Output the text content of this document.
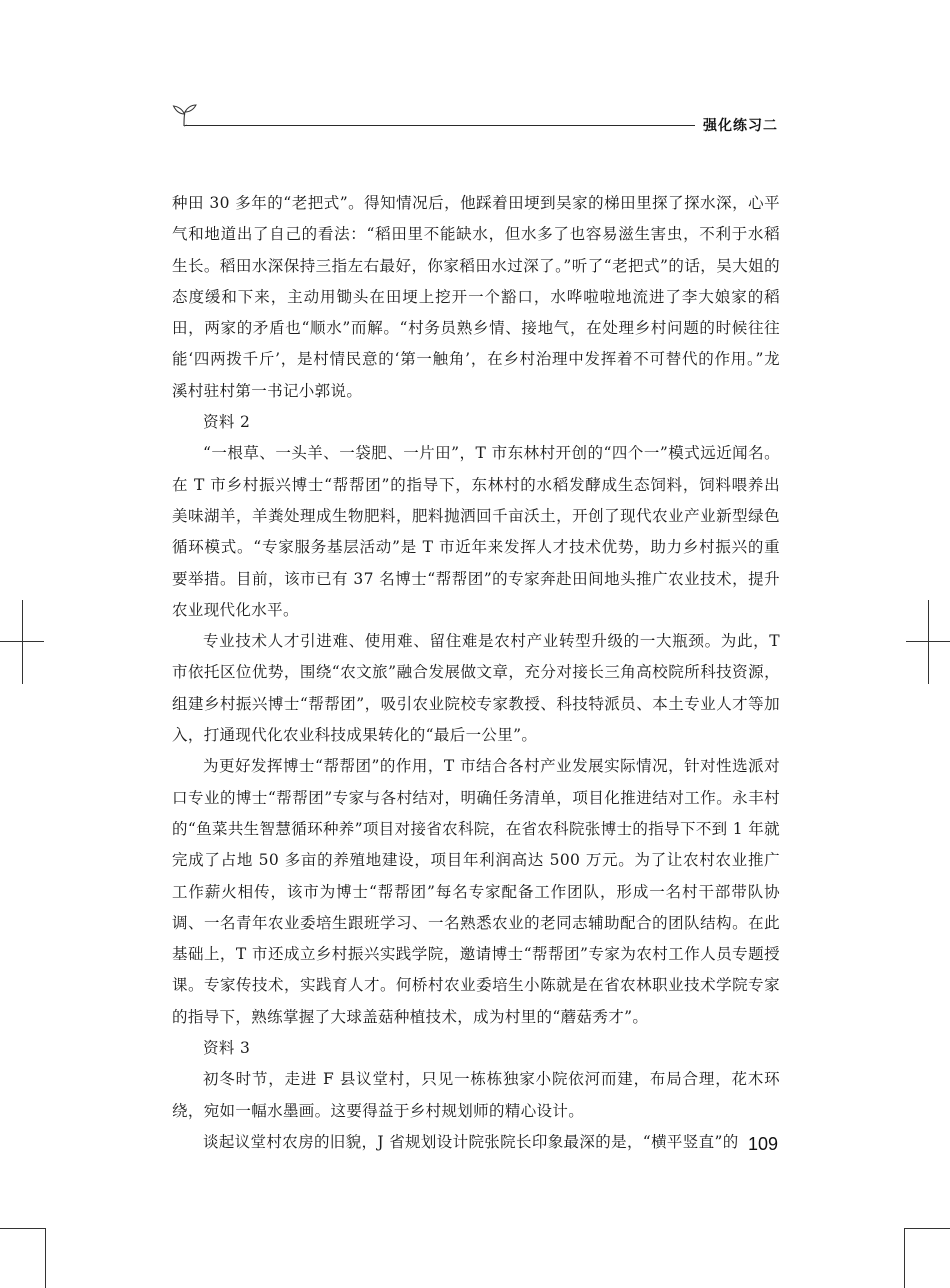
强化练习二

种田 30 多年的“老把式”。得知情况后，他踩着田埂到吴家的梯田里探了探水深，心平气和地道出了自己的看法：“稻田里不能缺水，但水多了也容易滋生害虫，不利于水稻生长。稻田水深保持三指左右最好，你家稻田水过深了。”听了“老把式”的话，吴大姐的态度缓和下来，主动用锄头在田埂上挖开一个豁口，水哗啦啦地流进了李大娘家的稻田，两家的矛盾也“顺水”而解。“村务员熟乡情、接地气，在处理乡村问题的时候往往能‘四两拨千斤’，是村情民意的‘第一触角’，在乡村治理中发挥着不可替代的作用。”龙溪村驻村第一书记小郭说。

资料 2

“一根草、一头羊、一袋肥、一片田”，T 市东林村开创的“四个一”模式远近闻名。在 T 市乡村振兴博士“帮帮团”的指导下，东林村的水稻发酵成生态饲料，饲料喂养出美味湖羊，羊粪处理成生物肥料，肥料抛洒回千亩沃土，开创了现代农业产业新型绿色循环模式。“专家服务基层活动”是 T 市近年来发挥人才技术优势，助力乡村振兴的重要举措。目前，该市已有 37 名博士“帮帮团”的专家奔赴田间地头推广农业技术，提升农业现代化水平。

专业技术人才引进难、使用难、留住难是农村产业转型升级的一大瓶颈。为此，T 市依托区位优势，围绕“农文旅”融合发展做文章，充分对接长三角高校院所科技资源，组建乡村振兴博士“帮帮团”，吸引农业院校专家教授、科技特派员、本土专业人才等加入，打通现代化农业科技成果转化的“最后一公里”。

为更好发挥博士“帮帮团”的作用，T 市结合各村产业发展实际情况，针对性选派对口专业的博士“帮帮团”专家与各村结对，明确任务清单，项目化推进结对工作。永丰村的“鱼菜共生智慧循环种养”项目对接省农科院，在省农科院张博士的指导下不到 1 年就完成了占地 50 多亩的养殖地建设，项目年利润高达 500 万元。为了让农村农业推广工作薪火相传，该市为博士“帮帮团”每名专家配备工作团队，形成一名村干部带队协调、一名青年农业委培生跟班学习、一名熟悉农业的老同志辅助配合的团队结构。在此基础上，T 市还成立乡村振兴实践学院，邀请博士“帮帮团”专家为农村工作人员专题授课。专家传技术，实践育人才。何桥村农业委培生小陈就是在省农林职业技术学院专家的指导下，熟练掌握了大球盖菇种植技术，成为村里的“蘑菇秀才”。

资料 3

初冬时节，走进 F 县议堂村，只见一栋栋独家小院依河而建，布局合理，花木环绕，宛如一幅水墨画。这要得益于乡村规划师的精心设计。

谈起议堂村农房的旧貌，J 省规划设计院张院长印象最深的是，“横平竖直”的 109
